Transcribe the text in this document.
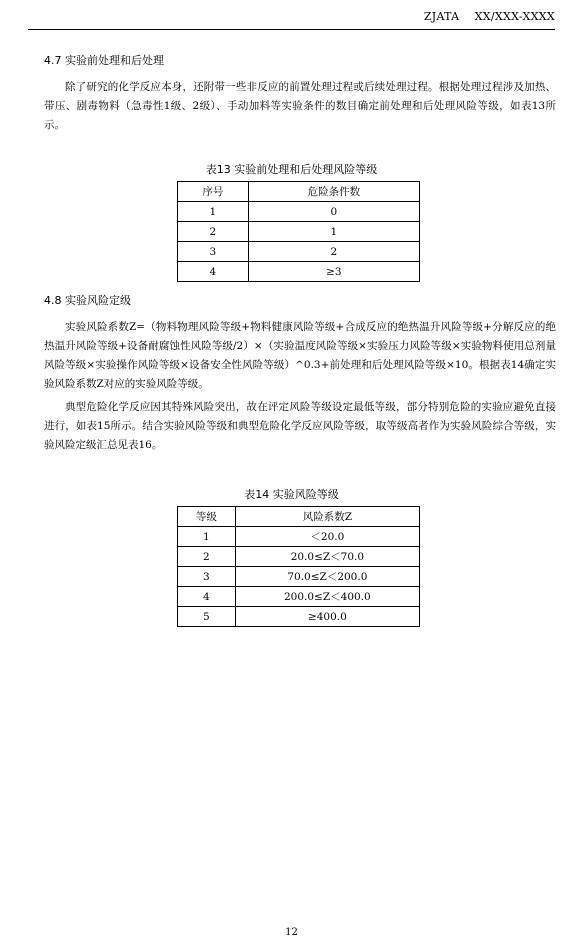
ZJATA    XX/XXX-XXXX
4.7 实验前处理和后处理
除了研究的化学反应本身，还附带一些非反应的前置处理过程或后续处理过程。根据处理过程涉及加热、带压、剧毒物料（急毒性1级、2级）、手动加料等实验条件的数目确定前处理和后处理风险等级，如表13所示。
表13 实验前处理和后处理风险等级
序号	危险条件数
1	0
2	1
3	2
4	≥3
4.8 实验风险定级
实验风险系数Z=（物料物理风险等级+物料健康风险等级+合成反应的绝热温升风险等级+分解反应的绝热温升风险等级+设备耐腐蚀性风险等级/2）×（实验温度风险等级×实验压力风险等级×实验物料使用总剂量风险等级×实验操作风险等级×设备安全性风险等级）^0.3+前处理和后处理风险等级×10。根据表14确定实验风险系数Z对应的实验风险等级。
典型危险化学反应因其特殊风险突出，故在评定风险等级设定最低等级，部分特别危险的实验应避免直接进行，如表15所示。结合实验风险等级和典型危险化学反应风险等级，取等级高者作为实验风险综合等级，实验风险定级汇总见表16。
表14 实验风险等级
等级	风险系数Z
1	＜20.0
2	20.0≤Z＜70.0
3	70.0≤Z＜200.0
4	200.0≤Z＜400.0
5	≥400.0
12
